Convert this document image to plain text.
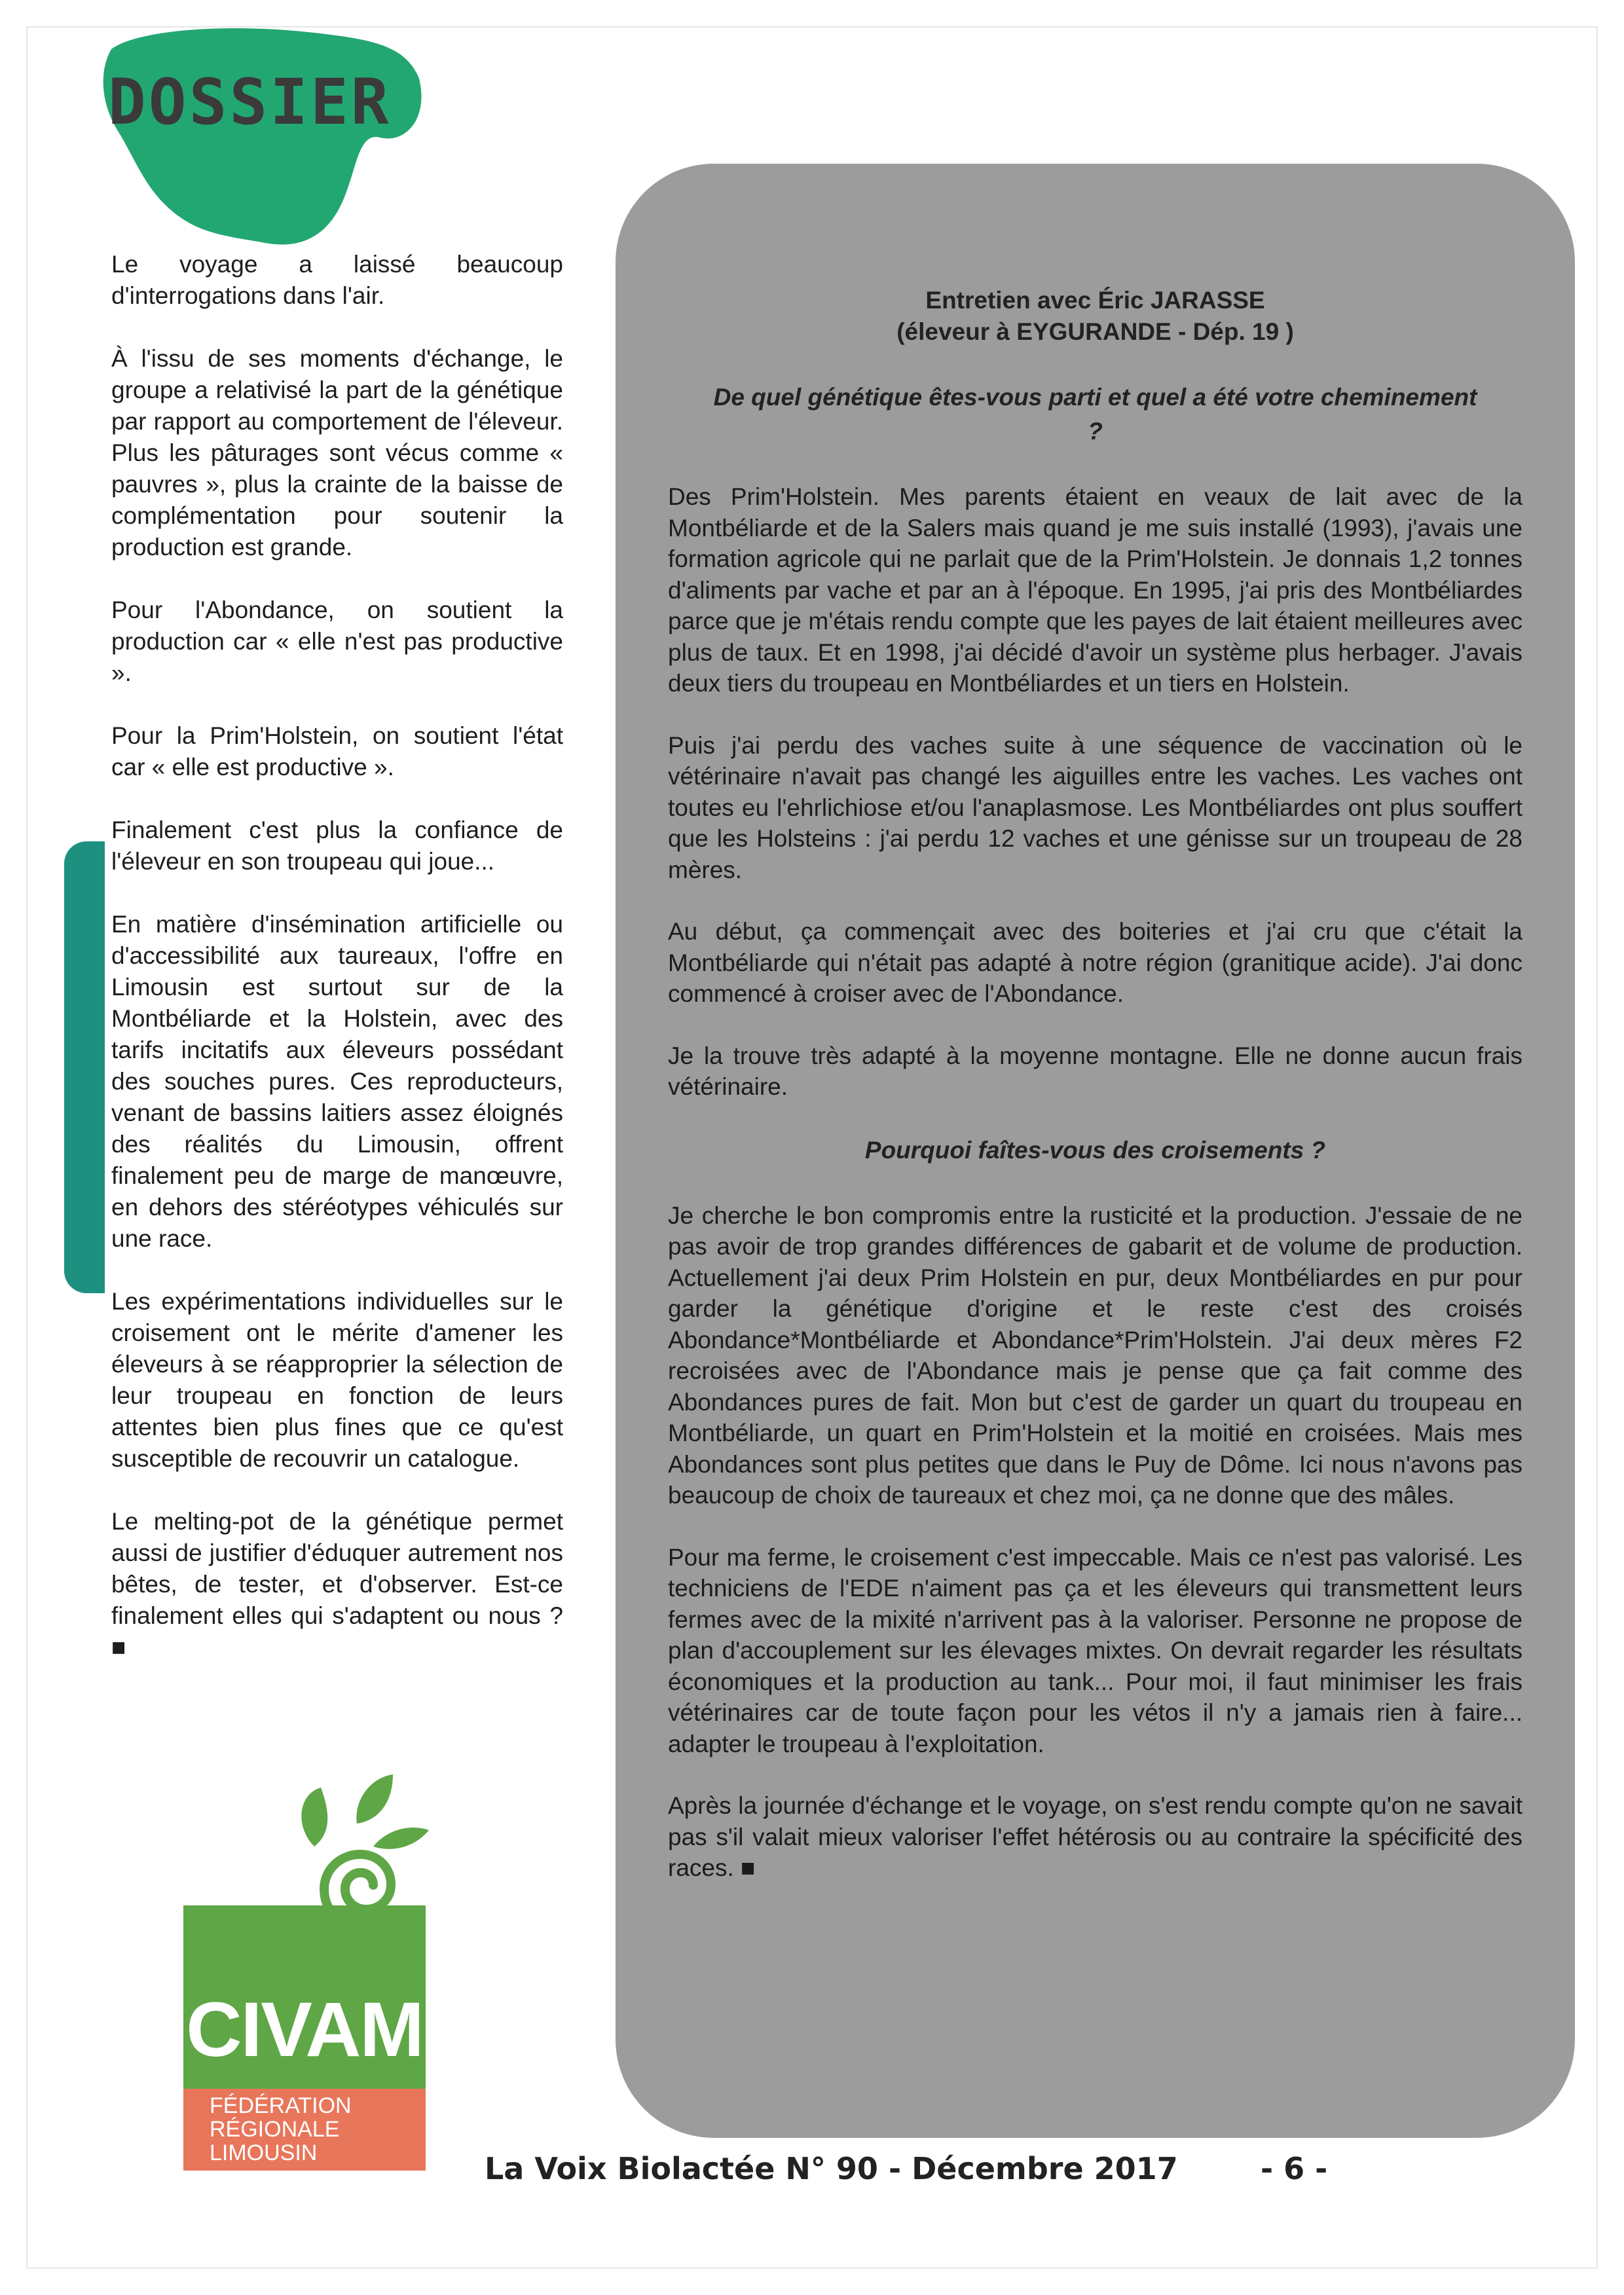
DOSSIER

Le voyage a laissé beaucoup d'interrogations dans l'air.

À l'issu de ses moments d'échange, le groupe a relativisé la part de la génétique par rapport au comportement de l'éleveur. Plus les pâturages sont vécus comme « pauvres », plus la crainte de la baisse de complémentation pour soutenir la production est grande.

Pour l'Abondance, on soutient la production car « elle n'est pas productive ».

Pour la Prim'Holstein, on soutient l'état car « elle est productive ».

Finalement c'est plus la confiance de l'éleveur en son troupeau qui joue...

En matière d'insémination artificielle ou d'accessibilité aux taureaux, l'offre en Limousin est surtout sur de la Montbéliarde et la Holstein, avec des tarifs incitatifs aux éleveurs possédant des souches pures. Ces reproducteurs, venant de bassins laitiers assez éloignés des réalités du Limousin, offrent finalement peu de marge de manœuvre, en dehors des stéréotypes véhiculés sur une race.

Les expérimentations individuelles sur le croisement ont le mérite d'amener les éleveurs à se réapproprier la sélection de leur troupeau en fonction de leurs attentes bien plus fines que ce qu'est susceptible de recouvrir un catalogue.

Le melting-pot de la génétique permet aussi de justifier d'éduquer autrement nos bêtes, de tester, et d'observer. Est-ce finalement elles qui s'adaptent ou nous ? ■

Entretien avec Éric JARASSE
(éleveur à EYGURANDE - Dép. 19 )

De quel génétique êtes-vous parti et quel a été votre cheminement ?

Des Prim'Holstein. Mes parents étaient en veaux de lait avec de la Montbéliarde et de la Salers mais quand je me suis installé (1993), j'avais une formation agricole qui ne parlait que de la Prim'Holstein. Je donnais 1,2 tonnes d'aliments par vache et par an à l'époque. En 1995, j'ai pris des Montbéliardes parce que je m'étais rendu compte que les payes de lait étaient meilleures avec plus de taux. Et en 1998, j'ai décidé d'avoir un système plus herbager. J'avais deux tiers du troupeau en Montbéliardes et un tiers en Holstein.

Puis j'ai perdu des vaches suite à une séquence de vaccination où le vétérinaire n'avait pas changé les aiguilles entre les vaches. Les vaches ont toutes eu l'ehrlichiose et/ou l'anaplasmose. Les Montbéliardes ont plus souffert que les Holsteins : j'ai perdu 12 vaches et une génisse sur un troupeau de 28 mères.

Au début, ça commençait avec des boiteries et j'ai cru que c'était la Montbéliarde qui n'était pas adapté à notre région (granitique acide). J'ai donc commencé à croiser avec de l'Abondance.

Je la trouve très adapté à la moyenne montagne. Elle ne donne aucun frais vétérinaire.

Pourquoi faîtes-vous des croisements ?

Je cherche le bon compromis entre la rusticité et la production. J'essaie de ne pas avoir de trop grandes différences de gabarit et de volume de production. Actuellement j'ai deux Prim Holstein en pur, deux Montbéliardes en pur pour garder la génétique d'origine et le reste c'est des croisés Abondance*Montbéliarde et Abondance*Prim'Holstein. J'ai deux mères F2 recroisées avec de l'Abondance mais je pense que ça fait comme des Abondances pures de fait. Mon but c'est de garder un quart du troupeau en Montbéliarde, un quart en Prim'Holstein et la moitié en croisées. Mais mes Abondances sont plus petites que dans le Puy de Dôme. Ici nous n'avons pas beaucoup de choix de taureaux et chez moi, ça ne donne que des mâles.

Pour ma ferme, le croisement c'est impeccable. Mais ce n'est pas valorisé. Les techniciens de l'EDE n'aiment pas ça et les éleveurs qui transmettent leurs fermes avec de la mixité n'arrivent pas à la valoriser. Personne ne propose de plan d'accouplement sur les élevages mixtes. On devrait regarder les résultats économiques et la production au tank... Pour moi, il faut minimiser les frais vétérinaires car de toute façon pour les vétos il n'y a jamais rien à faire... adapter le troupeau à l'exploitation.

Après la journée d'échange et le voyage, on s'est rendu compte qu'on ne savait pas s'il valait mieux valoriser l'effet hétérosis ou au contraire la spécificité des races. ■

CIVAM
FÉDÉRATION
RÉGIONALE
LIMOUSIN	La Voix Biolactée N° 90 - Décembre 2017	- 6 -
